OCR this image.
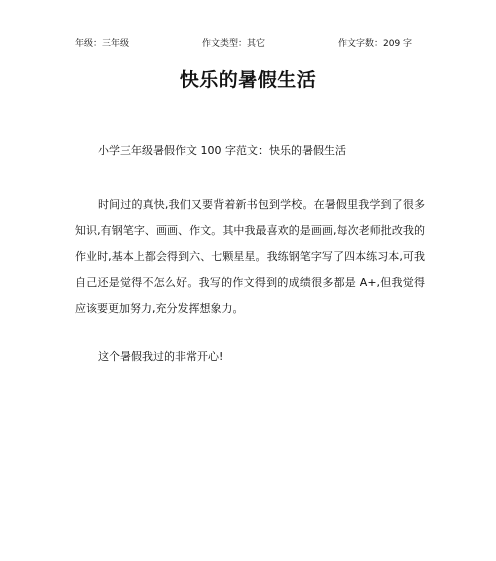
年级：三年级	作文类型：其它	作文字数：209 字
快乐的暑假生活
小学三年级暑假作文 100 字范文：快乐的暑假生活

时间过的真快,我们又要背着新书包到学校。在暑假里我学到了很多知识,有钢笔字、画画、作文。其中我最喜欢的是画画,每次老师批改我的作业时,基本上都会得到六、七颗星星。我练钢笔字写了四本练习本,可我自己还是觉得不怎么好。我写的作文得到的成绩很多都是 A+,但我觉得应该要更加努力,充分发挥想象力。

这个暑假我过的非常开心!
